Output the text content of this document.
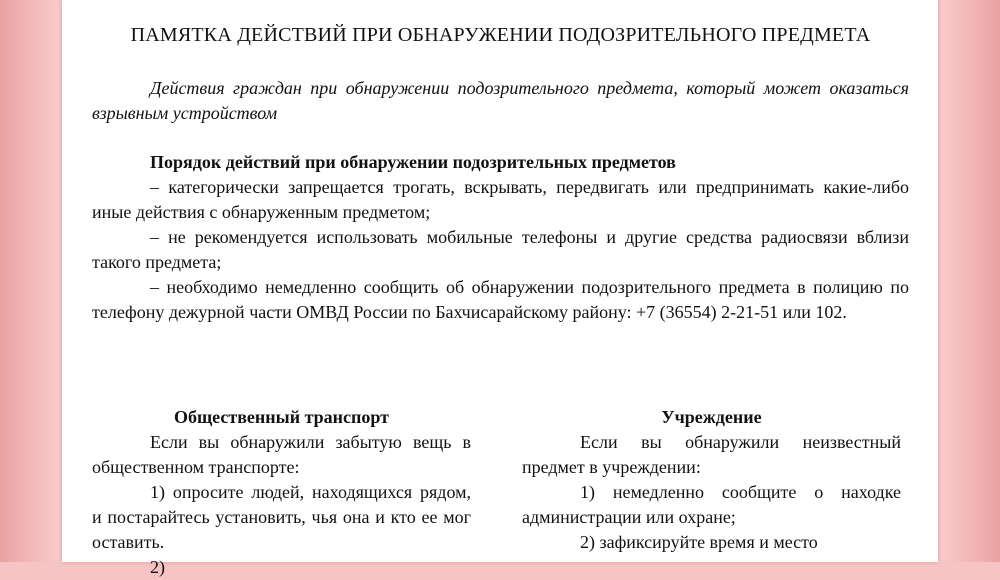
ПАМЯТКА ДЕЙСТВИЙ ПРИ ОБНАРУЖЕНИИ ПОДОЗРИТЕЛЬНОГО ПРЕДМЕТА

Действия граждан при обнаружении подозрительного предмета, который может оказаться взрывным устройством
Порядок действий при обнаружении подозрительных предметов

– категорически запрещается трогать, вскрывать, передвигать или предпринимать какие-либо иные действия с обнаруженным предметом;

– не рекомендуется использовать мобильные телефоны и другие средства радиосвязи вблизи такого предмета;

– необходимо немедленно сообщить об обнаружении подозрительного предмета в полицию по телефону дежурной части ОМВД России по Бахчисарайскому району: +7 (36554) 2-21-51 или 102.

Общественный транспорт

Если вы обнаружили забытую вещь в общественном транспорте:

1) опросите людей, находящихся рядом, и постарайтесь установить, чья она и кто ее мог оставить.

2)

Учреждение

Если вы обнаружили неизвестный предмет в учреждении:

1) немедленно сообщите о находке администрации или охране;

2) зафиксируйте время и место
